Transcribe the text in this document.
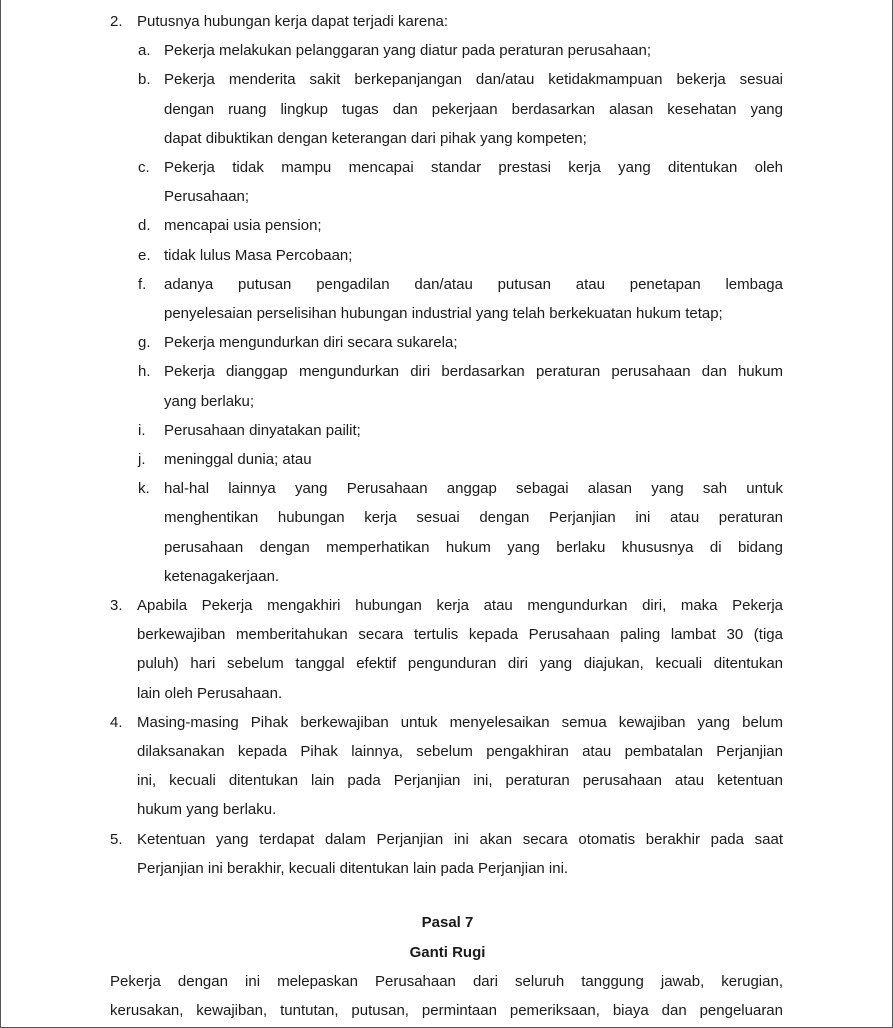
2. Putusnya hubungan kerja dapat terjadi karena:
a. Pekerja melakukan pelanggaran yang diatur pada peraturan perusahaan;
b. Pekerja menderita sakit berkepanjangan dan/atau ketidakmampuan bekerja sesuai
dengan ruang lingkup tugas dan pekerjaan berdasarkan alasan kesehatan yang
dapat dibuktikan dengan keterangan dari pihak yang kompeten;
c. Pekerja tidak mampu mencapai standar prestasi kerja yang ditentukan oleh
Perusahaan;
d. mencapai usia pension;
e. tidak lulus Masa Percobaan;
f. adanya putusan pengadilan dan/atau putusan atau penetapan lembaga
penyelesaian perselisihan hubungan industrial yang telah berkekuatan hukum tetap;
g. Pekerja mengundurkan diri secara sukarela;
h. Pekerja dianggap mengundurkan diri berdasarkan peraturan perusahaan dan hukum
yang berlaku;
i. Perusahaan dinyatakan pailit;
j. meninggal dunia; atau
k. hal-hal lainnya yang Perusahaan anggap sebagai alasan yang sah untuk
menghentikan hubungan kerja sesuai dengan Perjanjian ini atau peraturan
perusahaan dengan memperhatikan hukum yang berlaku khususnya di bidang
ketenagakerjaan.
3. Apabila Pekerja mengakhiri hubungan kerja atau mengundurkan diri, maka Pekerja
berkewajiban memberitahukan secara tertulis kepada Perusahaan paling lambat 30 (tiga
puluh) hari sebelum tanggal efektif pengunduran diri yang diajukan, kecuali ditentukan
lain oleh Perusahaan.
4. Masing-masing Pihak berkewajiban untuk menyelesaikan semua kewajiban yang belum
dilaksanakan kepada Pihak lainnya, sebelum pengakhiran atau pembatalan Perjanjian
ini, kecuali ditentukan lain pada Perjanjian ini, peraturan perusahaan atau ketentuan
hukum yang berlaku.
5. Ketentuan yang terdapat dalam Perjanjian ini akan secara otomatis berakhir pada saat
Perjanjian ini berakhir, kecuali ditentukan lain pada Perjanjian ini.
Pasal 7
Ganti Rugi
Pekerja dengan ini melepaskan Perusahaan dari seluruh tanggung jawab, kerugian,
kerusakan, kewajiban, tuntutan, putusan, permintaan pemeriksaan, biaya dan pengeluaran
